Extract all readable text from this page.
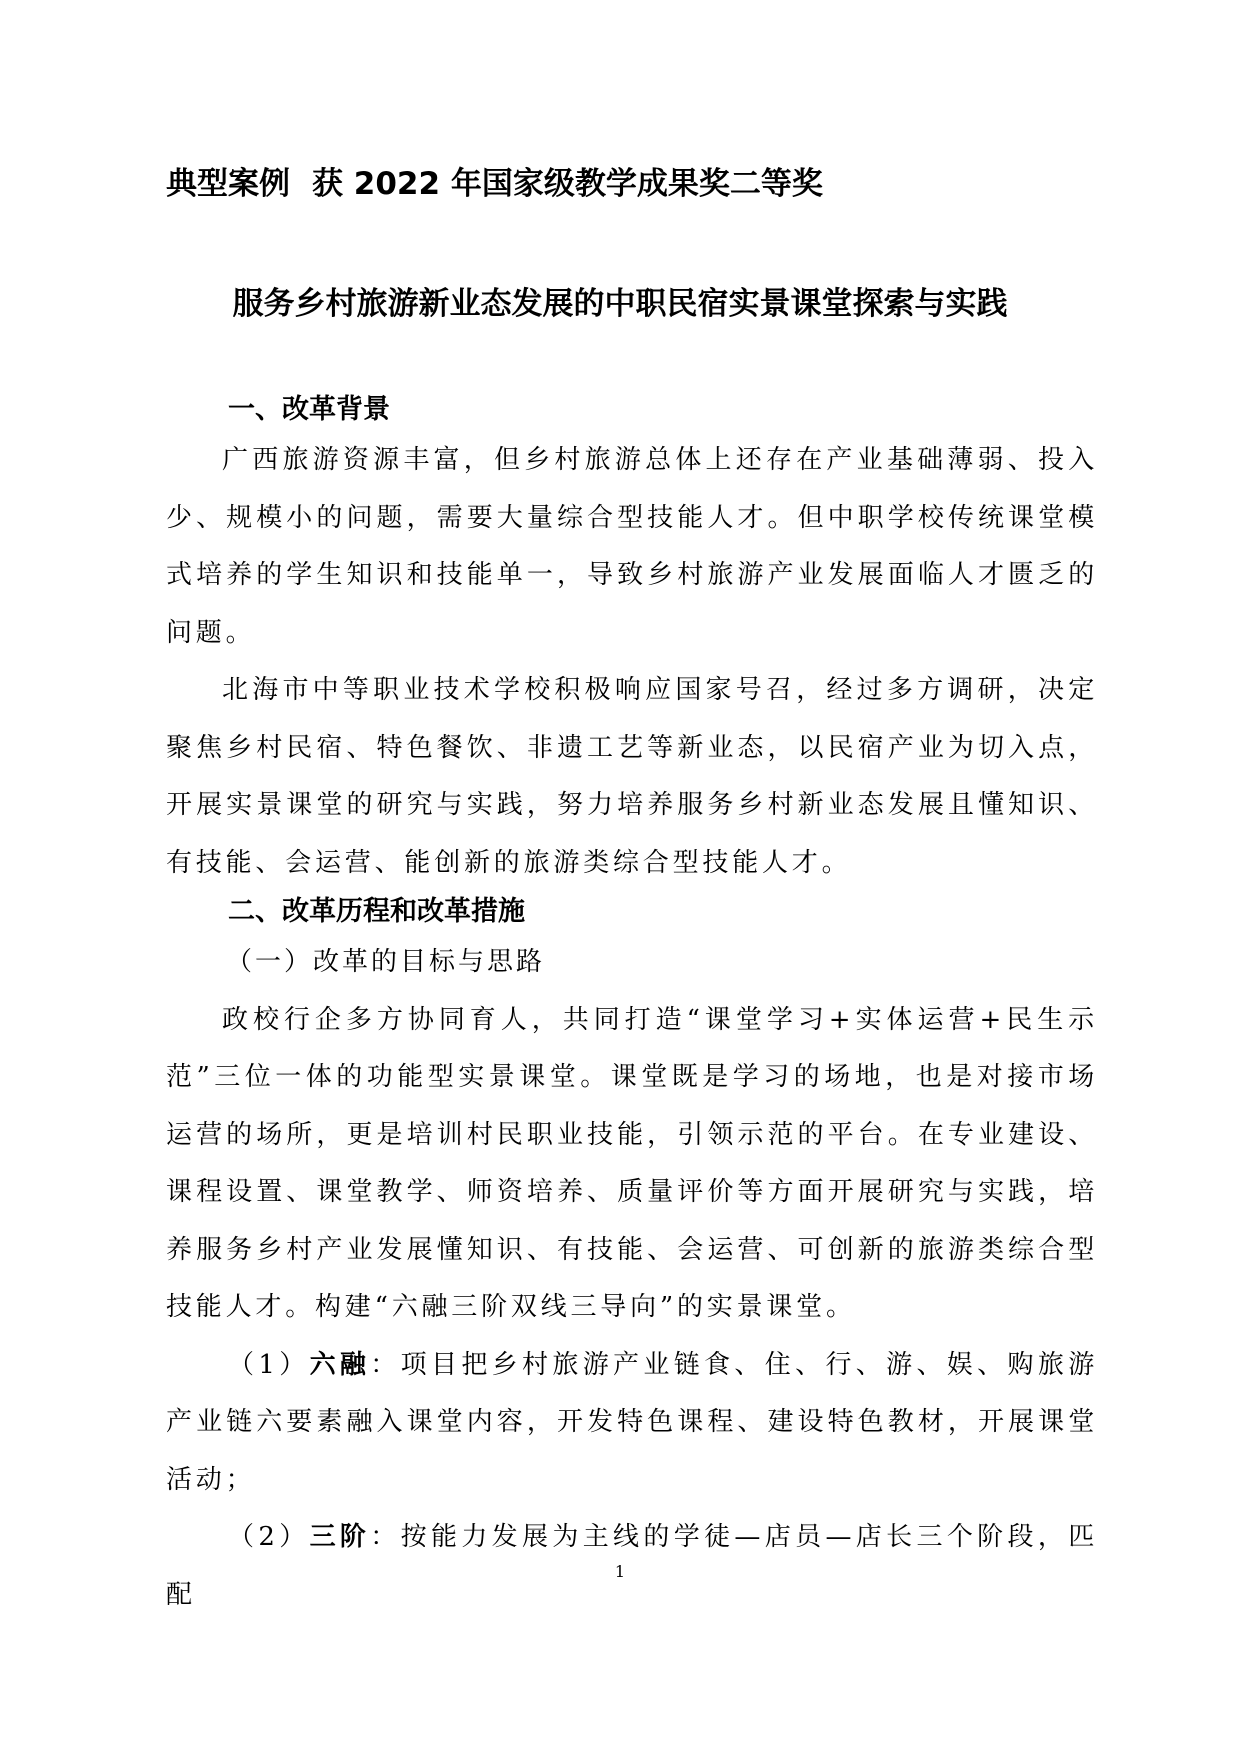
典型案例 获 2022 年国家级教学成果奖二等奖
服务乡村旅游新业态发展的中职民宿实景课堂探索与实践
一、改革背景

广西旅游资源丰富，但乡村旅游总体上还存在产业基础薄弱、投入少、规模小的问题，需要大量综合型技能人才。但中职学校传统课堂模式培养的学生知识和技能单一，导致乡村旅游产业发展面临人才匮乏的问题。

北海市中等职业技术学校积极响应国家号召，经过多方调研，决定聚焦乡村民宿、特色餐饮、非遗工艺等新业态，以民宿产业为切入点，开展实景课堂的研究与实践，努力培养服务乡村新业态发展且懂知识、有技能、会运营、能创新的旅游类综合型技能人才。

二、改革历程和改革措施
（一）改革的目标与思路

政校行企多方协同育人，共同打造“课堂学习+实体运营+民生示范”三位一体的功能型实景课堂。课堂既是学习的场地，也是对接市场运营的场所，更是培训村民职业技能，引领示范的平台。在专业建设、课程设置、课堂教学、师资培养、质量评价等方面开展研究与实践，培养服务乡村产业发展懂知识、有技能、会运营、可创新的旅游类综合型技能人才。构建“六融三阶双线三导向”的实景课堂。

（1）六融：项目把乡村旅游产业链食、住、行、游、娱、购旅游产业链六要素融入课堂内容，开发特色课程、建设特色教材，开展课堂活动；

（2）三阶：按能力发展为主线的学徒—店员—店长三个阶段，匹配

1
